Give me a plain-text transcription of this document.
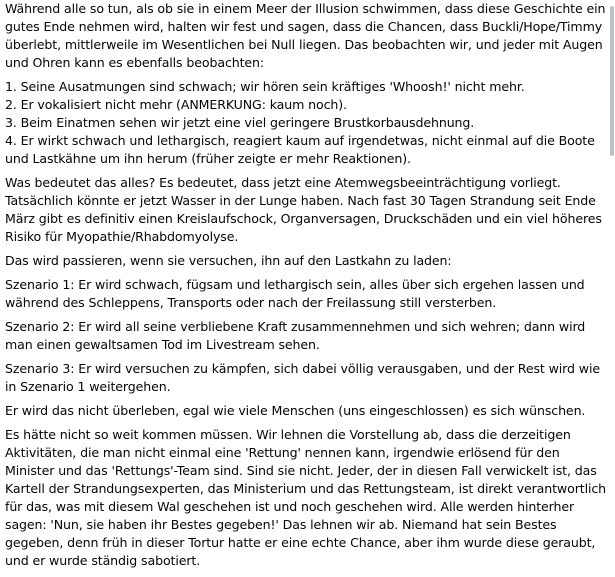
Während alle so tun, als ob sie in einem Meer der Illusion schwimmen, dass diese Geschichte ein gutes Ende nehmen wird, halten wir fest und sagen, dass die Chancen, dass Buckli/Hope/Timmy überlebt, mittlerweile im Wesentlichen bei Null liegen. Das beobachten wir, und jeder mit Augen und Ohren kann es ebenfalls beobachten:

1. Seine Ausatmungen sind schwach; wir hören sein kräftiges 'Whoosh!' nicht mehr.

2. Er vokalisiert nicht mehr (ANMERKUNG: kaum noch).

3. Beim Einatmen sehen wir jetzt eine viel geringere Brustkorbausdehnung.

4. Er wirkt schwach und lethargisch, reagiert kaum auf irgendetwas, nicht einmal auf die Boote und Lastkähne um ihn herum (früher zeigte er mehr Reaktionen).

Was bedeutet das alles? Es bedeutet, dass jetzt eine Atemwegsbeeinträchtigung vorliegt. Tatsächlich könnte er jetzt Wasser in der Lunge haben. Nach fast 30 Tagen Strandung seit Ende März gibt es definitiv einen Kreislaufschock, Organversagen, Druckschäden und ein viel höheres Risiko für Myopathie/Rhabdomyolyse.

Das wird passieren, wenn sie versuchen, ihn auf den Lastkahn zu laden:

Szenario 1: Er wird schwach, fügsam und lethargisch sein, alles über sich ergehen lassen und während des Schleppens, Transports oder nach der Freilassung still versterben.

Szenario 2: Er wird all seine verbliebene Kraft zusammennehmen und sich wehren; dann wird man einen gewaltsamen Tod im Livestream sehen.

Szenario 3: Er wird versuchen zu kämpfen, sich dabei völlig verausgaben, und der Rest wird wie in Szenario 1 weitergehen.

Er wird das nicht überleben, egal wie viele Menschen (uns eingeschlossen) es sich wünschen.

Es hätte nicht so weit kommen müssen. Wir lehnen die Vorstellung ab, dass die derzeitigen Aktivitäten, die man nicht einmal eine 'Rettung' nennen kann, irgendwie erlösend für den Minister und das 'Rettungs'-Team sind. Sind sie nicht. Jeder, der in diesen Fall verwickelt ist, das Kartell der Strandungsexperten, das Ministerium und das Rettungsteam, ist direkt verantwortlich für das, was mit diesem Wal geschehen ist und noch geschehen wird. Alle werden hinterher sagen: 'Nun, sie haben ihr Bestes gegeben!' Das lehnen wir ab. Niemand hat sein Bestes gegeben, denn früh in dieser Tortur hatte er eine echte Chance, aber ihm wurde diese geraubt, und er wurde ständig sabotiert.
